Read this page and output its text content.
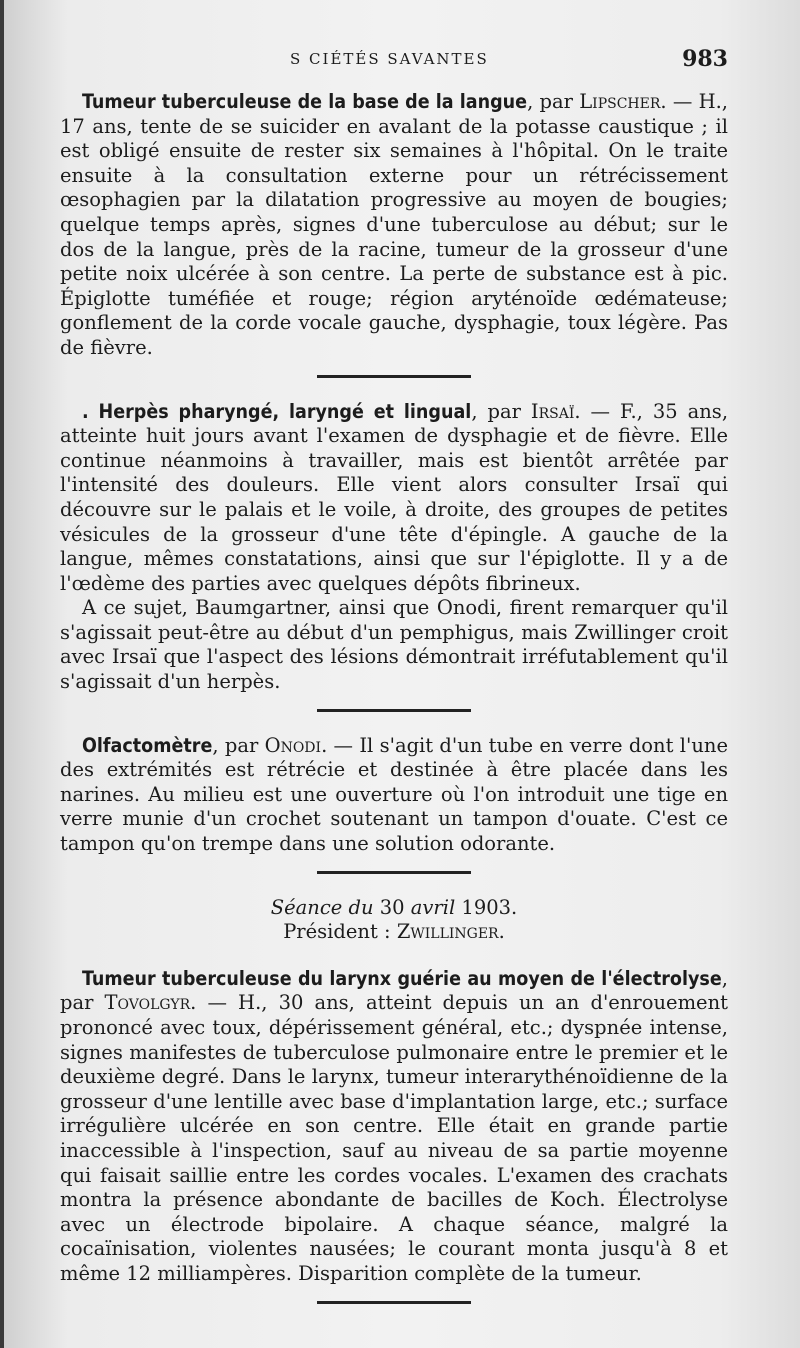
S CIÉTÉS SAVANTES	983

Tumeur tuberculeuse de la base de la langue, par Lipscher. — H., 17 ans, tente de se suicider en avalant de la potasse caustique ; il est obligé ensuite de rester six semaines à l'hôpital. On le traite ensuite à la consultation externe pour un rétrécissement œsophagien par la dilatation progressive au moyen de bougies; quelque temps après, signes d'une tuberculose au début; sur le dos de la langue, près de la racine, tumeur de la grosseur d'une petite noix ulcérée à son centre. La perte de substance est à pic. Épiglotte tuméfiée et rouge; région aryténoïde œdémateuse; gonflement de la corde vocale gauche, dysphagie, toux légère. Pas de fièvre.

. Herpès pharyngé, laryngé et lingual, par Irsaï. — F., 35 ans, atteinte huit jours avant l'examen de dysphagie et de fièvre. Elle continue néanmoins à travailler, mais est bientôt arrêtée par l'intensité des douleurs. Elle vient alors consulter Irsaï qui découvre sur le palais et le voile, à droite, des groupes de petites vésicules de la grosseur d'une tête d'épingle. A gauche de la langue, mêmes constatations, ainsi que sur l'épiglotte. Il y a de l'œdème des parties avec quelques dépôts fibrineux.

A ce sujet, Baumgartner, ainsi que Onodi, firent remarquer qu'il s'agissait peut-être au début d'un pemphigus, mais Zwillinger croit avec Irsaï que l'aspect des lésions démontrait irréfutablement qu'il s'agissait d'un herpès.

Olfactomètre, par Onodi. — Il s'agit d'un tube en verre dont l'une des extrémités est rétrécie et destinée à être placée dans les narines. Au milieu est une ouverture où l'on introduit une tige en verre munie d'un crochet soutenant un tampon d'ouate. C'est ce tampon qu'on trempe dans une solution odorante.

Séance du 30 avril 1903.

Président : Zwillinger.

Tumeur tuberculeuse du larynx guérie au moyen de l'électrolyse, par Tovolgyr. — H., 30 ans, atteint depuis un an d'enrouement prononcé avec toux, dépérissement général, etc.; dyspnée intense, signes manifestes de tuberculose pulmonaire entre le premier et le deuxième degré. Dans le larynx, tumeur interarythénoïdienne de la grosseur d'une lentille avec base d'implantation large, etc.; surface irrégulière ulcérée en son centre. Elle était en grande partie inaccessible à l'inspection, sauf au niveau de sa partie moyenne qui faisait saillie entre les cordes vocales. L'examen des crachats montra la présence abondante de bacilles de Koch. Électrolyse avec un électrode bipolaire. A chaque séance, malgré la cocaïnisation, violentes nausées; le courant monta jusqu'à 8 et même 12 milliampères. Disparition complète de la tumeur.
